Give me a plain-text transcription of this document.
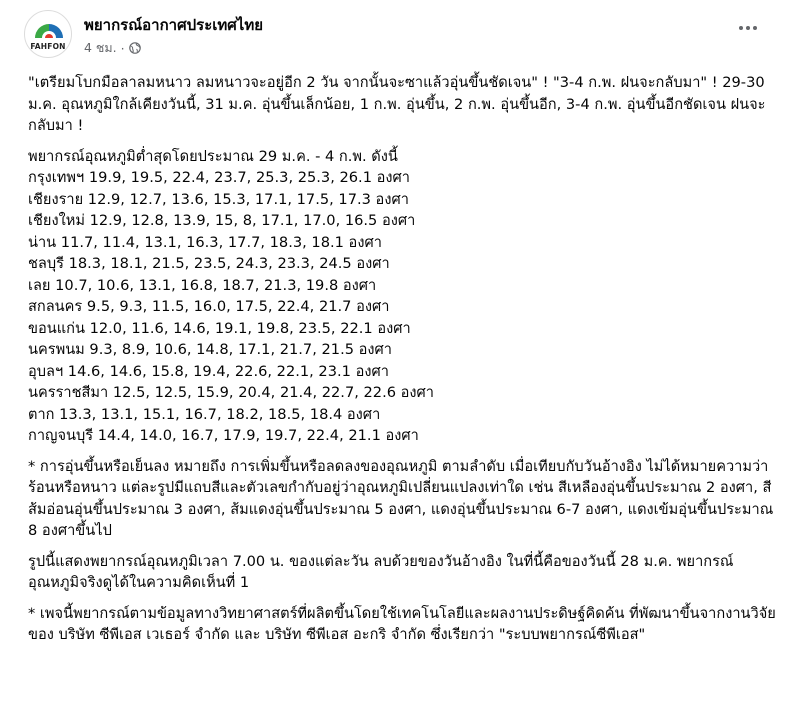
FAHFON
พยากรณ์อากาศประเทศไทย
4 ชม. ·

"เตรียมโบกมือลาลมหนาว ลมหนาวจะอยู่อีก 2 วัน จากนั้นจะซาแล้วอุ่นขึ้นชัดเจน" ! "3-4 ก.พ. ฝนจะกลับมา" ! 29-30 ม.ค. อุณหภูมิใกล้เคียงวันนี้, 31 ม.ค. อุ่นขึ้นเล็กน้อย, 1 ก.พ. อุ่นขึ้น, 2 ก.พ. อุ่นขึ้นอีก, 3-4 ก.พ. อุ่นขึ้นอีกชัดเจน ฝนจะกลับมา !

พยากรณ์อุณหภูมิต่ำสุดโดยประมาณ 29 ม.ค. - 4 ก.พ. ดังนี้
กรุงเทพฯ 19.9, 19.5, 22.4, 23.7, 25.3, 25.3, 26.1 องศา
เชียงราย 12.9, 12.7, 13.6, 15.3, 17.1, 17.5, 17.3 องศา
เชียงใหม่ 12.9, 12.8, 13.9, 15, 8, 17.1, 17.0, 16.5 องศา
น่าน 11.7, 11.4, 13.1, 16.3, 17.7, 18.3, 18.1 องศา
ชลบุรี 18.3, 18.1, 21.5, 23.5, 24.3, 23.3, 24.5 องศา
เลย 10.7, 10.6, 13.1, 16.8, 18.7, 21.3, 19.8 องศา
สกลนคร 9.5, 9.3, 11.5, 16.0, 17.5, 22.4, 21.7 องศา
ขอนแก่น 12.0, 11.6, 14.6, 19.1, 19.8, 23.5, 22.1 องศา
นครพนม 9.3, 8.9, 10.6, 14.8, 17.1, 21.7, 21.5 องศา
อุบลฯ 14.6, 14.6, 15.8, 19.4, 22.6, 22.1, 23.1 องศา
นครราชสีมา 12.5, 12.5, 15.9, 20.4, 21.4, 22.7, 22.6 องศา
ตาก 13.3, 13.1, 15.1, 16.7, 18.2, 18.5, 18.4 องศา
กาญจนบุรี 14.4, 14.0, 16.7, 17.9, 19.7, 22.4, 21.1 องศา

* การอุ่นขึ้นหรือเย็นลง หมายถึง การเพิ่มขึ้นหรือลดลงของอุณหภูมิ ตามลำดับ เมื่อเทียบกับวันอ้างอิง ไม่ได้หมายความว่าร้อนหรือหนาว แต่ละรูปมีแถบสีและตัวเลขกำกับอยู่ว่าอุณหภูมิเปลี่ยนแปลงเท่าใด เช่น สีเหลืองอุ่นขึ้นประมาณ 2 องศา, สีส้มอ่อนอุ่นขึ้นประมาณ 3 องศา, ส้มแดงอุ่นขึ้นประมาณ 5 องศา, แดงอุ่นขึ้นประมาณ 6-7 องศา, แดงเข้มอุ่นขึ้นประมาณ 8 องศาขึ้นไป

รูปนี้แสดงพยากรณ์อุณหภูมิเวลา 7.00 น. ของแต่ละวัน ลบด้วยของวันอ้างอิง ในที่นี้คือของวันนี้ 28 ม.ค. พยากรณ์อุณหภูมิจริงดูได้ในความคิดเห็นที่ 1

* เพจนี้พยากรณ์ตามข้อมูลทางวิทยาศาสตร์ที่ผลิตขึ้นโดยใช้เทคโนโลยีและผลงานประดิษฐ์คิดค้น ที่พัฒนาขึ้นจากงานวิจัยของ บริษัท ซีพีเอส เวเธอร์ จำกัด และ บริษัท ซีพีเอส อะกริ จำกัด ซึ่งเรียกว่า "ระบบพยากรณ์ซีพีเอส"
